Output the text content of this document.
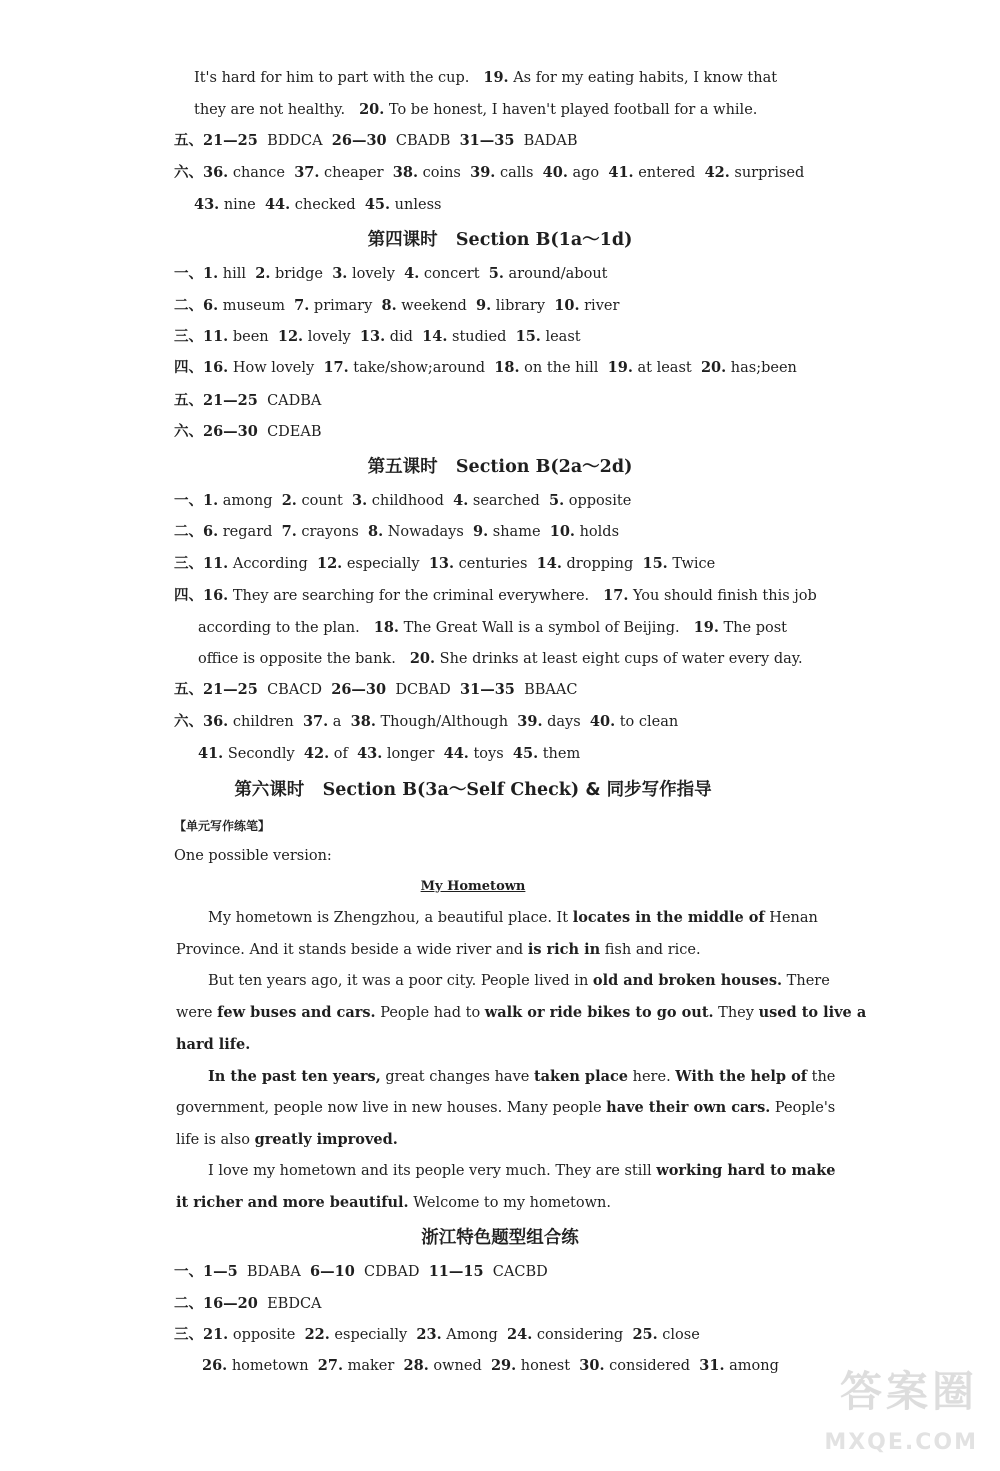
It's hard for him to part with the cup. 19. As for my eating habits, I know that
they are not healthy. 20. To be honest, I haven't played football for a while.
五、21—25  BDDCA  26—30  CBADB  31—35  BADAB
六、36. chance  37. cheaper  38. coins  39. calls  40. ago  41. entered  42. surprised
43. nine  44. checked  45. unless
一、1. hill  2. bridge  3. lovely  4. concert  5. around/about
二、6. museum  7. primary  8. weekend  9. library  10. river
三、11. been  12. lovely  13. did  14. studied  15. least
四、16. How lovely  17. take/show;around  18. on the hill  19. at least  20. has;been
五、21—25  CADBA
六、26—30  CDEAB
一、1. among  2. count  3. childhood  4. searched  5. opposite
二、6. regard  7. crayons  8. Nowadays  9. shame  10. holds
三、11. According  12. especially  13. centuries  14. dropping  15. Twice
四、16. They are searching for the criminal everywhere. 17. You should finish this job
according to the plan. 18. The Great Wall is a symbol of Beijing. 19. The post
office is opposite the bank. 20. She drinks at least eight cups of water every day.
五、21—25  CBACD  26—30  DCBAD  31—35  BBAAC
六、36. children  37. a  38. Though/Although  39. days  40. to clean
41. Secondly  42. of  43. longer  44. toys  45. them
One possible version:
My hometown is Zhengzhou, a beautiful place. It locates in the middle of Henan
Province. And it stands beside a wide river and is rich in fish and rice.
But ten years ago, it was a poor city. People lived in old and broken houses. There
were few buses and cars. People had to walk or ride bikes to go out. They used to live a
hard life.
In the past ten years, great changes have taken place here. With the help of the
government, people now live in new houses. Many people have their own cars. People's
life is also greatly improved.
I love my hometown and its people very much. They are still working hard to make
it richer and more beautiful. Welcome to my hometown.
一、1—5  BDABA  6—10  CDBAD  11—15  CACBD
二、16—20  EBDCA
三、21. opposite  22. especially  23. Among  24. considering  25. close
26. hometown  27. maker  28. owned  29. honest  30. considered  31. among
第四课时 Section B(1a～1d)
第五课时 Section B(2a～2d)
第六课时 Section B(3a～Self Check) & 同步写作指导
【单元写作练笔】
My Hometown
浙江特色题型组合练
答案圈
MXQE.COM
